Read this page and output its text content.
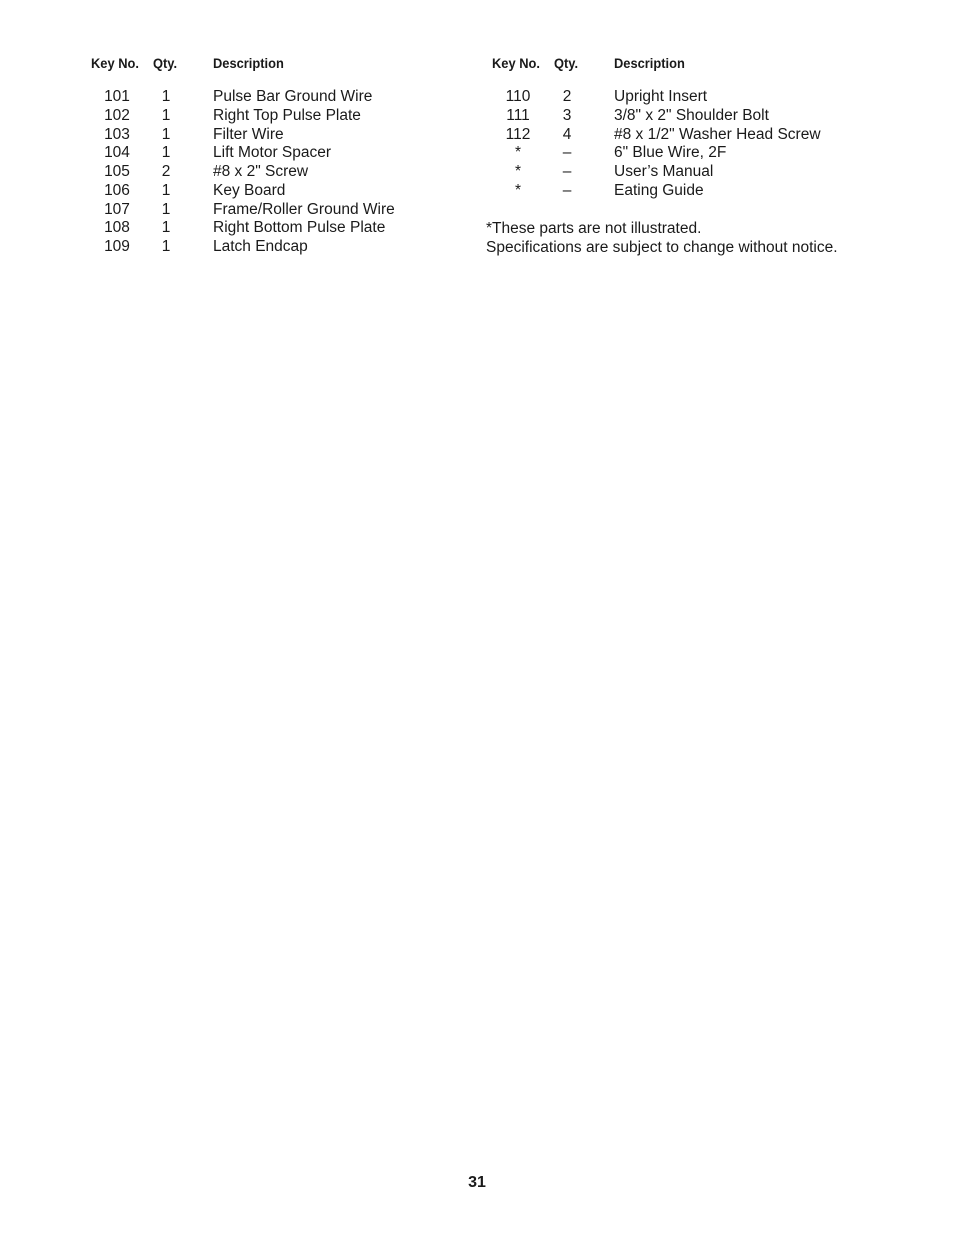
Key No. Qty.	Description	Key No. Qty.	Description
101	1	Pulse Bar Ground Wire
102	1	Right Top Pulse Plate
103	1	Filter Wire
104	1	Lift Motor Spacer
105	2	#8 x 2" Screw
106	1	Key Board
107	1	Frame/Roller Ground Wire
108	1	Right Bottom Pulse Plate
109	1	Latch Endcap
110	2	Upright Insert
111	3	3/8" x 2" Shoulder Bolt
112	4	#8 x 1/2" Washer Head Screw
*	–	6" Blue Wire, 2F
*	–	User’s Manual
*	–	Eating Guide
*These parts are not illustrated.
Specifications are subject to change without notice.
31
